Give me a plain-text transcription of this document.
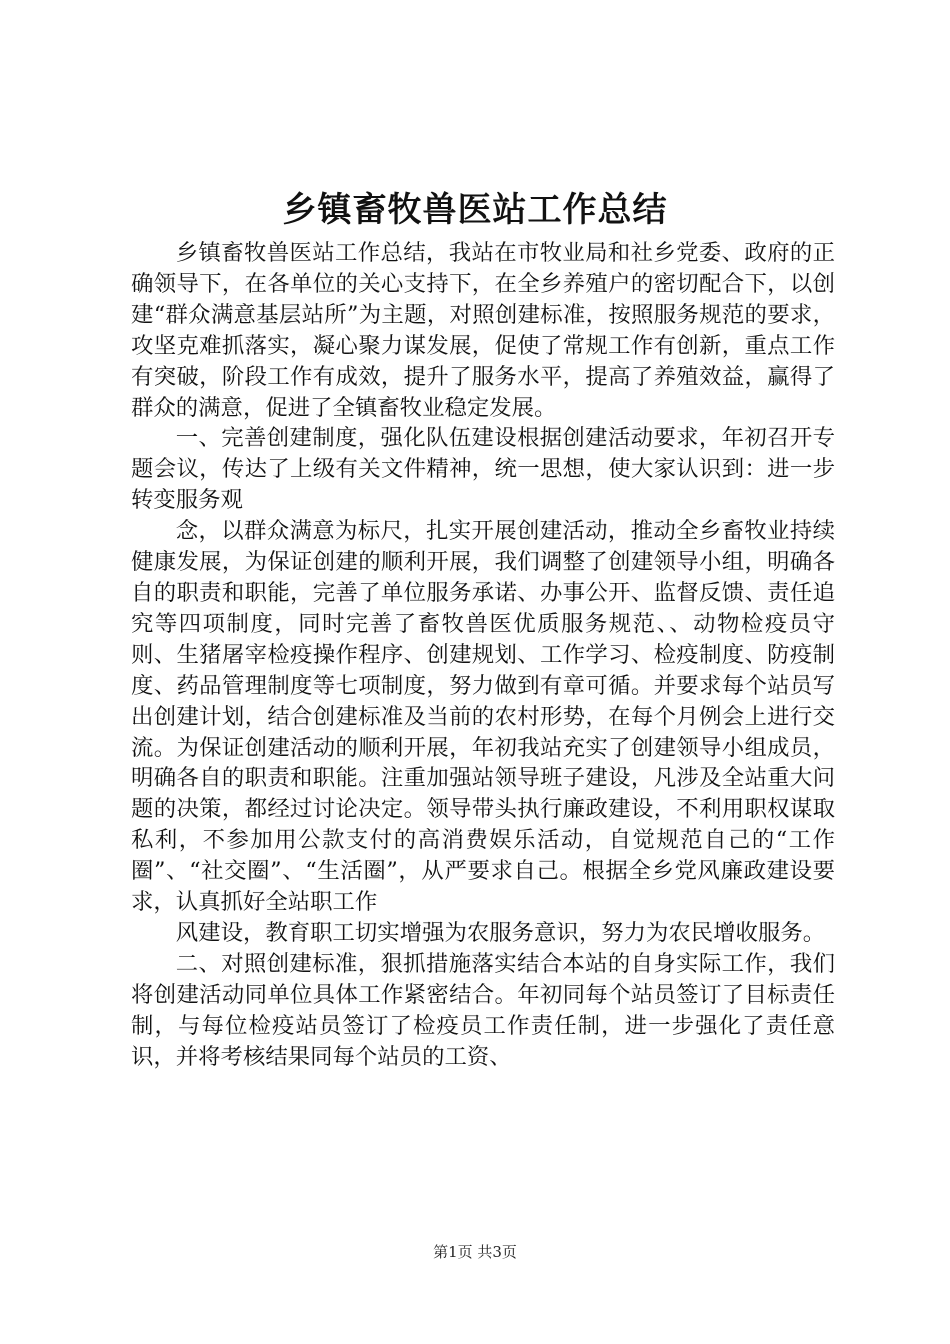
乡镇畜牧兽医站工作总结

乡镇畜牧兽医站工作总结，我站在市牧业局和社乡党委、政府的正确领导下，在各单位的关心支持下，在全乡养殖户的密切配合下，以创建“群众满意基层站所”为主题，对照创建标准，按照服务规范的要求，攻坚克难抓落实，凝心聚力谋发展，促使了常规工作有创新，重点工作有突破，阶段工作有成效，提升了服务水平，提高了养殖效益，赢得了群众的满意，促进了全镇畜牧业稳定发展。

一、完善创建制度，强化队伍建设根据创建活动要求，年初召开专题会议，传达了上级有关文件精神，统一思想，使大家认识到：进一步转变服务观

念，以群众满意为标尺，扎实开展创建活动，推动全乡畜牧业持续健康发展，为保证创建的顺利开展，我们调整了创建领导小组，明确各自的职责和职能，完善了单位服务承诺、办事公开、监督反馈、责任追究等四项制度，同时完善了畜牧兽医优质服务规范、、动物检疫员守则、生猪屠宰检疫操作程序、创建规划、工作学习、检疫制度、防疫制度、药品管理制度等七项制度，努力做到有章可循。并要求每个站员写出创建计划，结合创建标准及当前的农村形势，在每个月例会上进行交流。为保证创建活动的顺利开展，年初我站充实了创建领导小组成员，明确各自的职责和职能。注重加强站领导班子建设，凡涉及全站重大问题的决策，都经过讨论决定。领导带头执行廉政建设，不利用职权谋取私利，不参加用公款支付的高消费娱乐活动，自觉规范自己的“工作圈”、“社交圈”、“生活圈”，从严要求自己。根据全乡党风廉政建设要求，认真抓好全站职工作

风建设，教育职工切实增强为农服务意识，努力为农民增收服务。

二、对照创建标准，狠抓措施落实结合本站的自身实际工作，我们将创建活动同单位具体工作紧密结合。年初同每个站员签订了目标责任制，与每位检疫站员签订了检疫员工作责任制，进一步强化了责任意识，并将考核结果同每个站员的工资、

第1页 共3页
